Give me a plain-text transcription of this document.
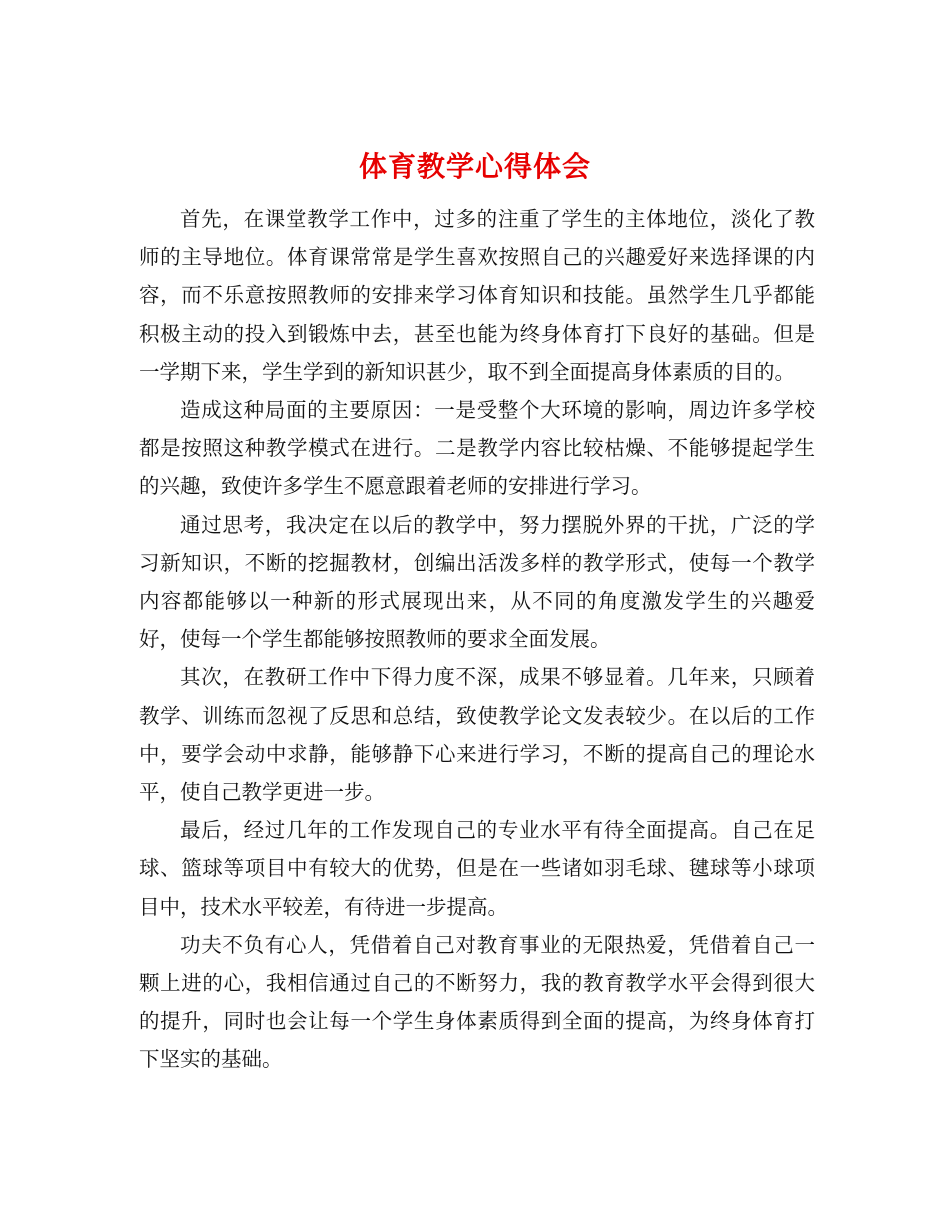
体育教学心得体会

首先，在课堂教学工作中，过多的注重了学生的主体地位，淡化了教师的主导地位。体育课常常是学生喜欢按照自己的兴趣爱好来选择课的内容，而不乐意按照教师的安排来学习体育知识和技能。虽然学生几乎都能积极主动的投入到锻炼中去，甚至也能为终身体育打下良好的基础。但是一学期下来，学生学到的新知识甚少，取不到全面提高身体素质的目的。

造成这种局面的主要原因：一是受整个大环境的影响，周边许多学校都是按照这种教学模式在进行。二是教学内容比较枯燥、不能够提起学生的兴趣，致使许多学生不愿意跟着老师的安排进行学习。

通过思考，我决定在以后的教学中，努力摆脱外界的干扰，广泛的学习新知识，不断的挖掘教材，创编出活泼多样的教学形式，使每一个教学内容都能够以一种新的形式展现出来，从不同的角度激发学生的兴趣爱好，使每一个学生都能够按照教师的要求全面发展。

其次，在教研工作中下得力度不深，成果不够显着。几年来，只顾着教学、训练而忽视了反思和总结，致使教学论文发表较少。在以后的工作中，要学会动中求静，能够静下心来进行学习，不断的提高自己的理论水平，使自己教学更进一步。

最后，经过几年的工作发现自己的专业水平有待全面提高。自己在足球、篮球等项目中有较大的优势，但是在一些诸如羽毛球、毽球等小球项目中，技术水平较差，有待进一步提高。

功夫不负有心人，凭借着自己对教育事业的无限热爱，凭借着自己一颗上进的心，我相信通过自己的不断努力，我的教育教学水平会得到很大的提升，同时也会让每一个学生身体素质得到全面的提高，为终身体育打下坚实的基础。
